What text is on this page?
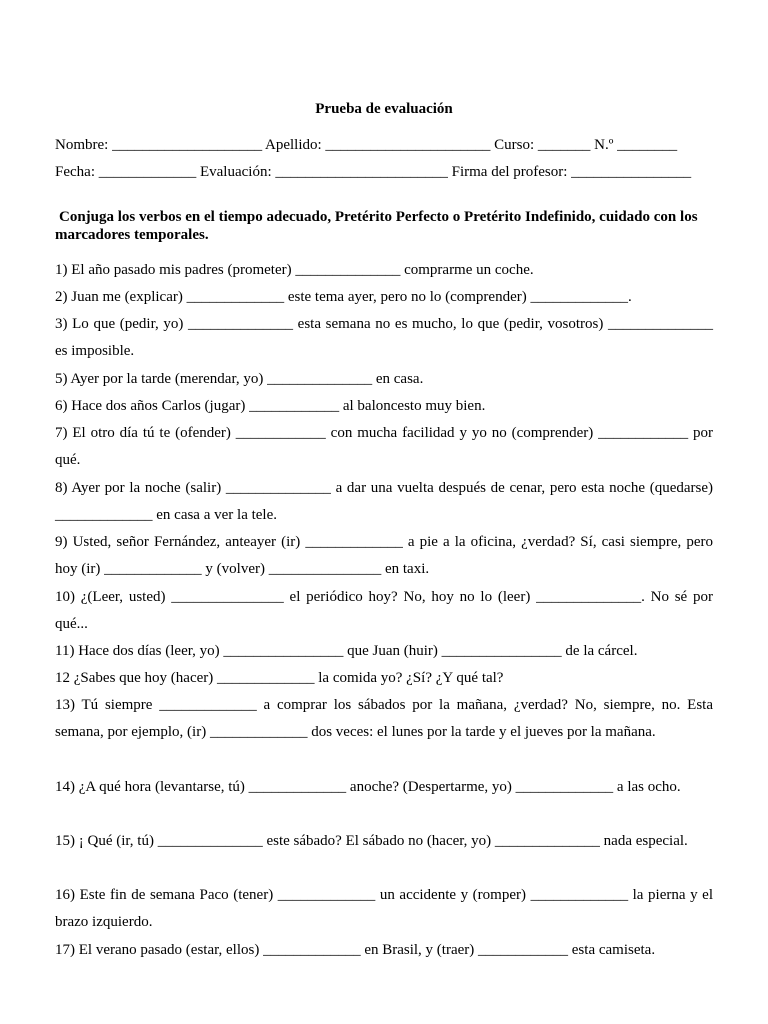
Prueba de evaluación
Nombre: ____________________ Apellido: ______________________ Curso: _______ N.º ________
Fecha: _____________ Evaluación: _______________________ Firma del profesor: ________________
Conjuga los verbos en el tiempo adecuado, Pretérito Perfecto o Pretérito Indefinido, cuidado con los marcadores temporales.
1) El año pasado mis padres (prometer) ______________ comprarme un coche.
2) Juan me (explicar) _____________ este tema ayer, pero no lo (comprender) _____________.
3) Lo que (pedir, yo) ______________ esta semana no es mucho, lo que (pedir, vosotros) ______________ es imposible.
5) Ayer por la tarde (merendar, yo) ______________ en casa.
6) Hace dos años Carlos (jugar) ____________ al baloncesto muy bien.
7) El otro día tú te (ofender) ____________ con mucha facilidad y yo no (comprender) ____________ por qué.
8) Ayer por la noche (salir) ______________ a dar una vuelta después de cenar, pero esta noche (quedarse) _____________ en casa a ver la tele.
9) Usted, señor Fernández, anteayer (ir) _____________ a pie a la oficina, ¿verdad? Sí, casi siempre, pero hoy (ir) _____________ y (volver) _______________ en taxi.
10) ¿(Leer, usted) _______________ el periódico hoy? No, hoy no lo (leer) ______________. No sé por qué...
11) Hace dos días (leer, yo) ________________ que Juan (huir) ________________ de la cárcel.
12 ¿Sabes que hoy (hacer) _____________ la comida yo? ¿Sí? ¿Y qué tal?
13) Tú siempre _____________ a comprar los sábados por la mañana, ¿verdad? No, siempre, no. Esta semana, por ejemplo, (ir) _____________ dos veces: el lunes por la tarde y el jueves por la mañana.
14) ¿A qué hora (levantarse, tú) _____________ anoche? (Despertarme, yo) _____________ a las ocho.
15) ¡ Qué (ir, tú) ______________ este sábado? El sábado no (hacer, yo) ______________ nada especial.
16) Este fin de semana Paco (tener) _____________ un accidente y (romper) _____________ la pierna y el brazo izquierdo.
17) El verano pasado (estar, ellos) _____________ en Brasil, y (traer) ____________ esta camiseta.
